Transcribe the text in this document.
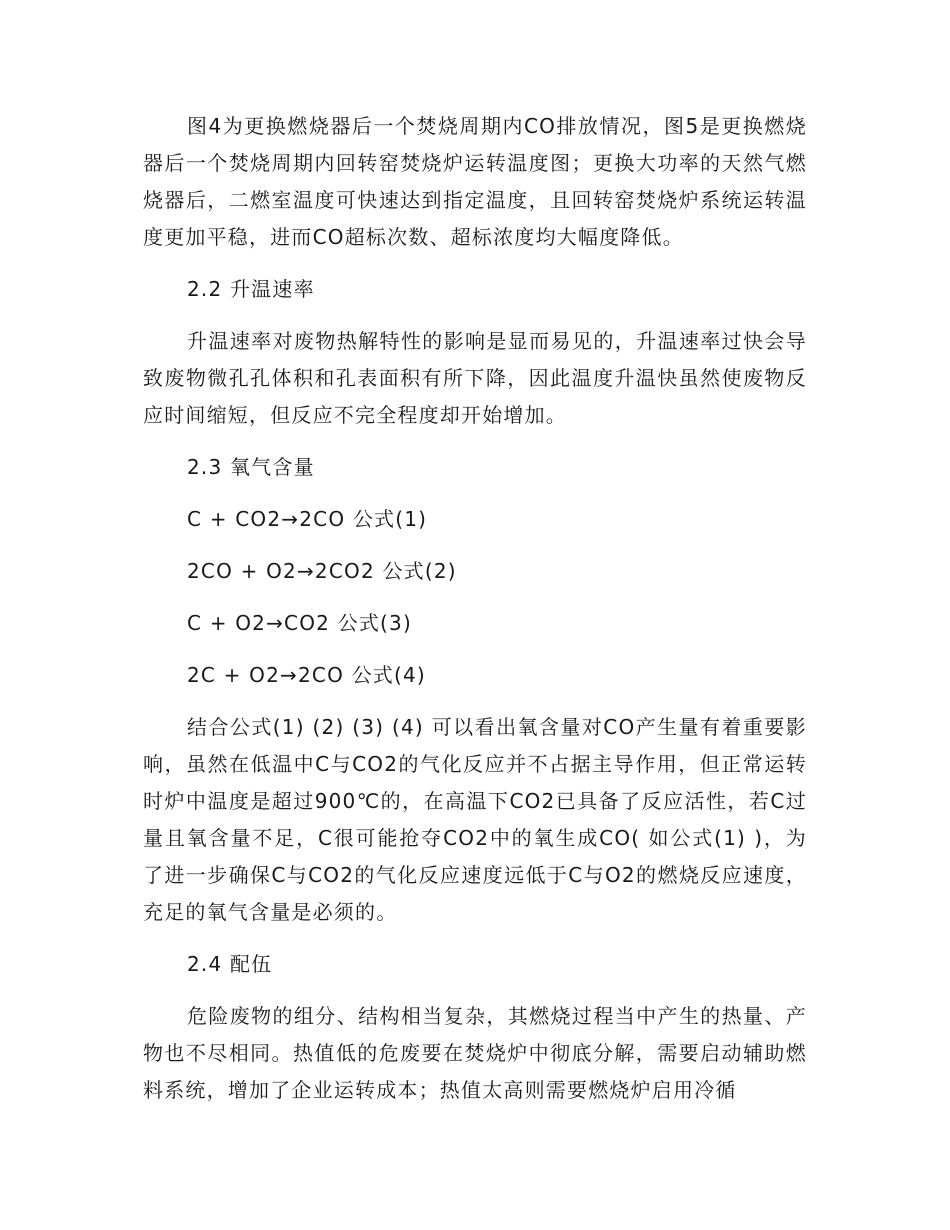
图4为更换燃烧器后一个焚烧周期内CO排放情况，图5是更换燃烧器后一个焚烧周期内回转窑焚烧炉运转温度图；更换大功率的天然气燃烧器后，二燃室温度可快速达到指定温度，且回转窑焚烧炉系统运转温度更加平稳，进而CO超标次数、超标浓度均大幅度降低。

2.2 升温速率

升温速率对废物热解特性的影响是显而易见的，升温速率过快会导致废物微孔孔体积和孔表面积有所下降，因此温度升温快虽然使废物反应时间缩短，但反应不完全程度却开始增加。

2.3 氧气含量

C + CO2→2CO 公式(1)

2CO + O2→2CO2 公式(2)

C + O2→CO2 公式(3)

2C + O2→2CO 公式(4)

结合公式(1) (2) (3) (4) 可以看出氧含量对CO产生量有着重要影响，虽然在低温中C与CO2的气化反应并不占据主导作用，但正常运转时炉中温度是超过900℃的，在高温下CO2已具备了反应活性，若C过量且氧含量不足，C很可能抢夺CO2中的氧生成CO( 如公式(1) )，为了进一步确保C与CO2的气化反应速度远低于C与O2的燃烧反应速度，充足的氧气含量是必须的。

2.4 配伍

危险废物的组分、结构相当复杂，其燃烧过程当中产生的热量、产物也不尽相同。热值低的危废要在焚烧炉中彻底分解，需要启动辅助燃料系统，增加了企业运转成本；热值太高则需要燃烧炉启用冷循
